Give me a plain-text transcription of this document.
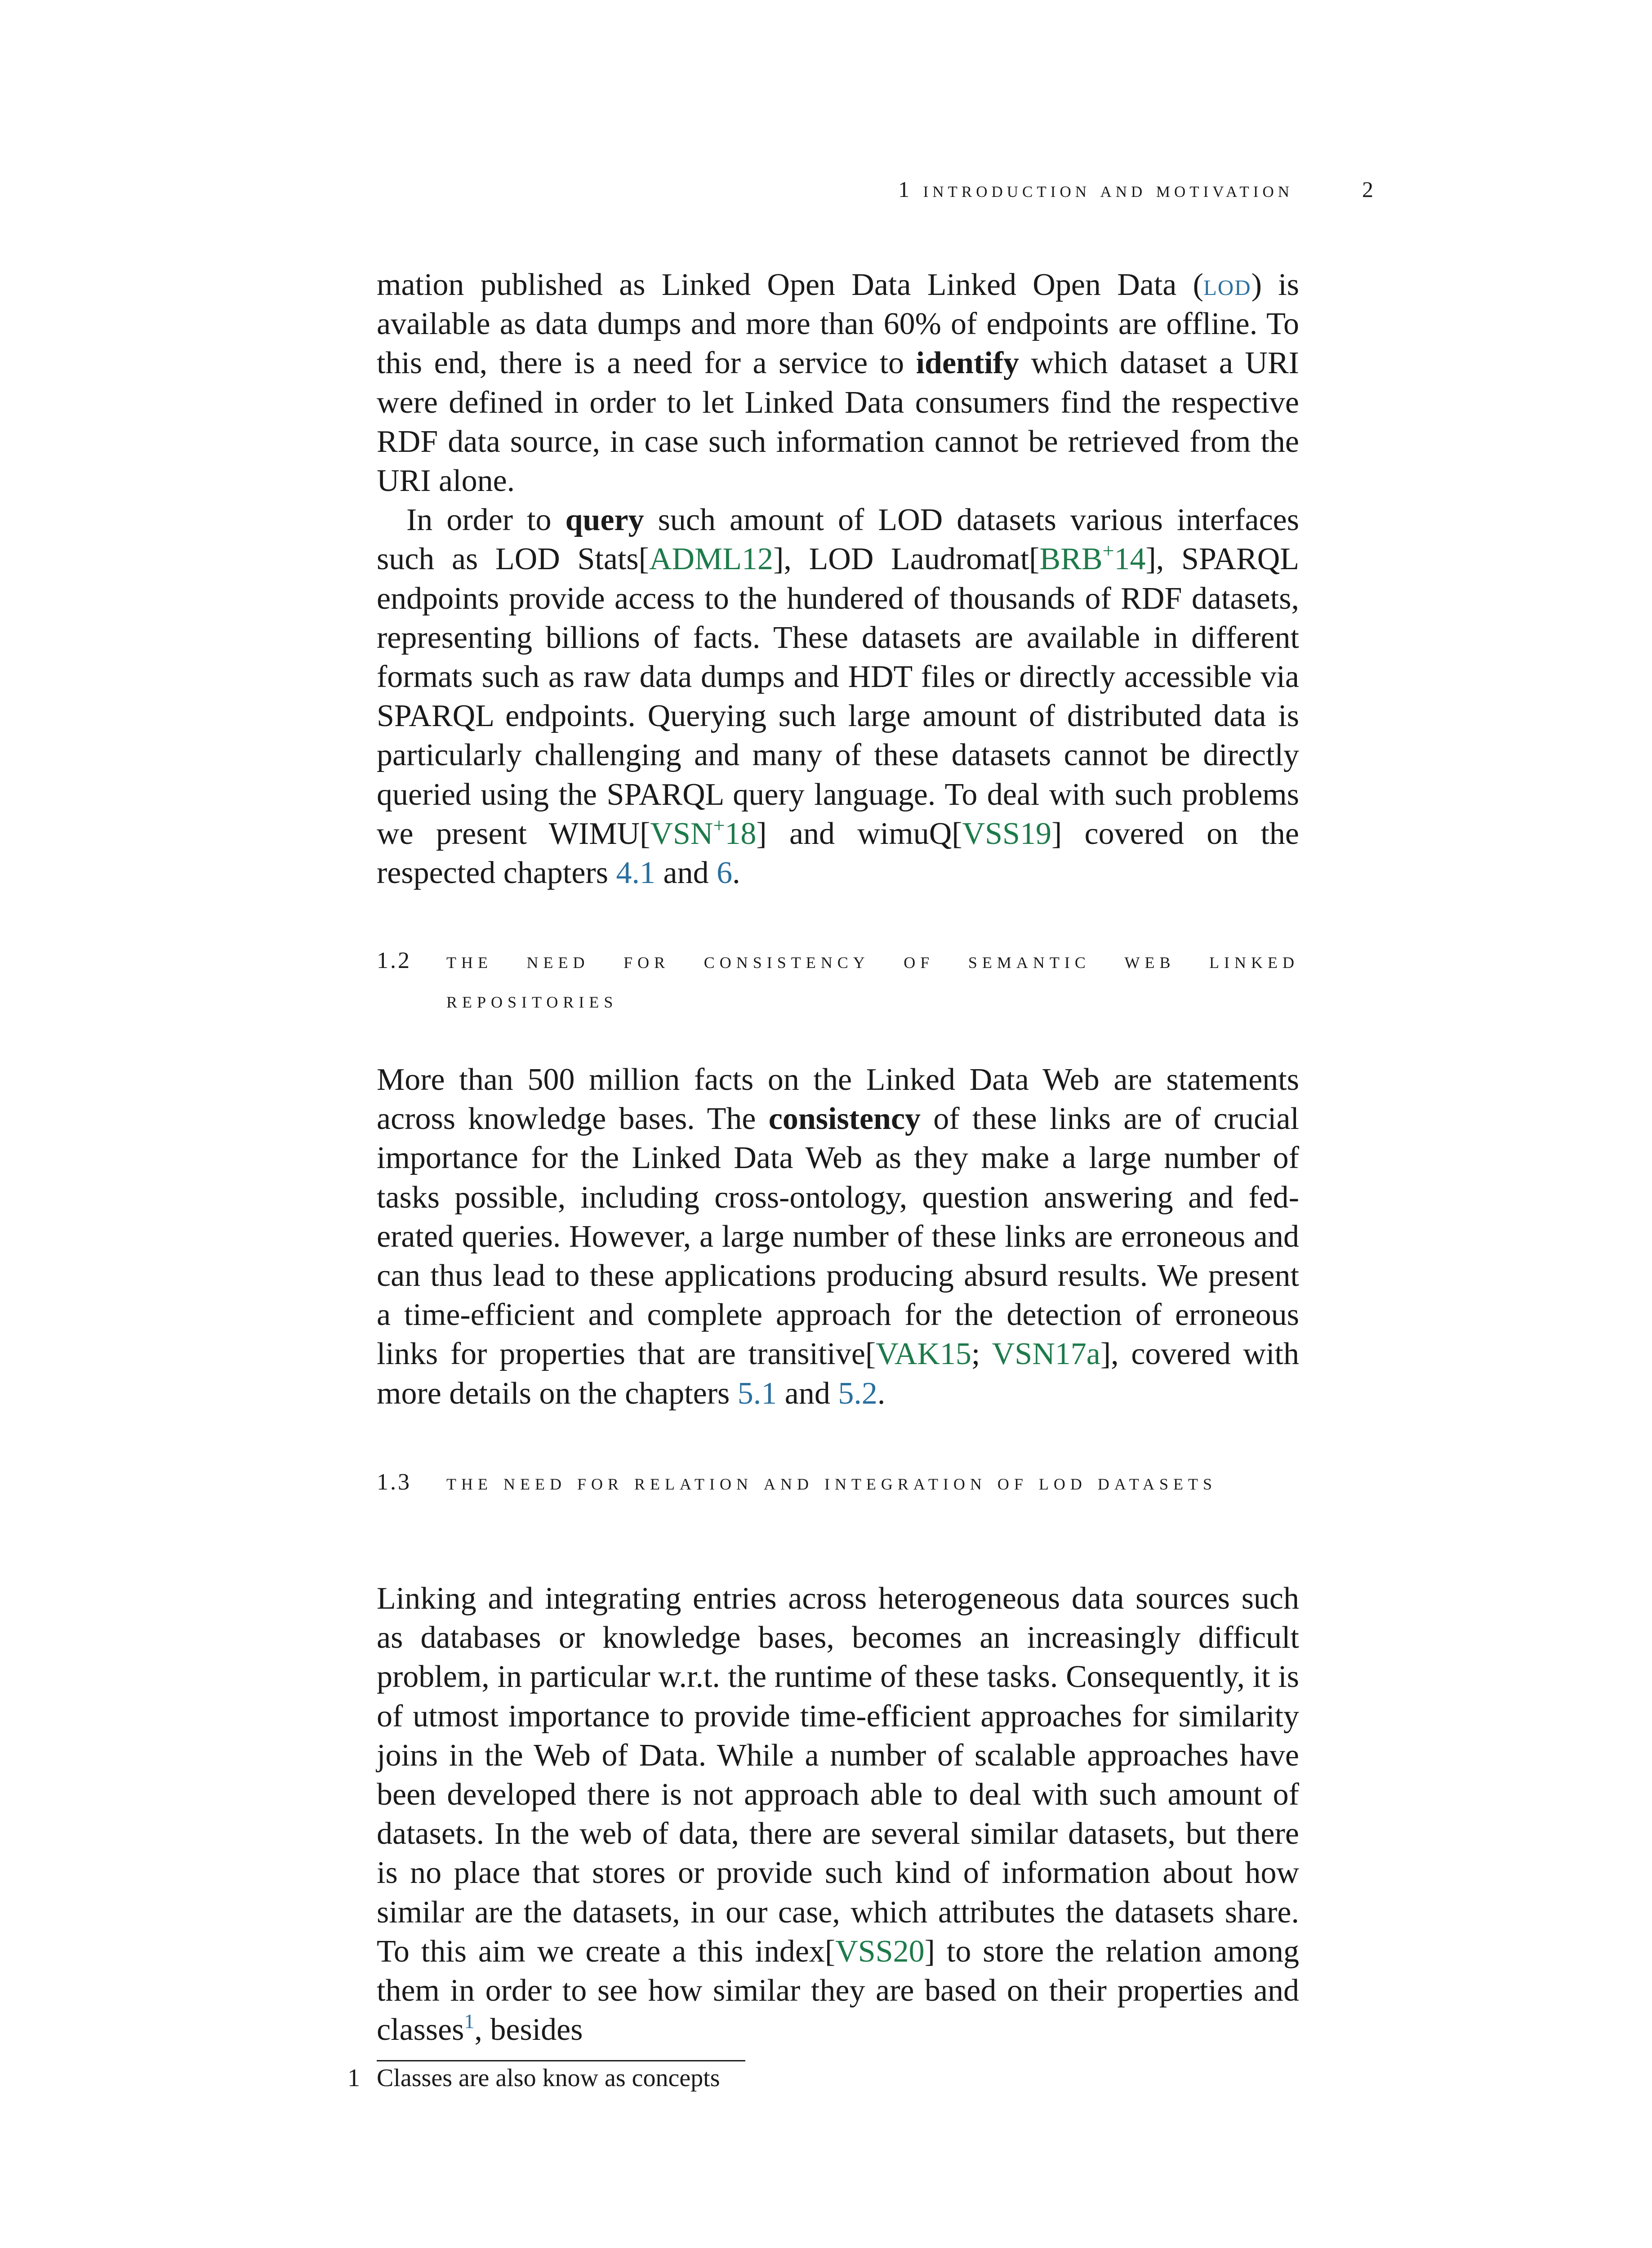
1 introduction and motivation	2

mation published as Linked Open Data Linked Open Data (lod) is available as data dumps and more than 60% of endpoints are offline. To this end, there is a need for a service to identify which dataset a URI were defined in order to let Linked Data consumers find the respective RDF data source, in case such information cannot be retrieved from the URI alone.

In order to query such amount of LOD datasets various interfaces such as LOD Stats[ADML12], LOD Laudromat[BRB+14], SPARQL endpoints provide access to the hundered of thousands of RDF datasets, representing billions of facts. These datasets are available in different formats such as raw data dumps and HDT files or directly accessible via SPARQL endpoints. Querying such large amount of distributed data is particularly challenging and many of these datasets cannot be directly queried using the SPARQL query language. To deal with such problems we present WIMU[VSN+18] and wimuQ[VSS19] covered on the respected chapters 4.1 and 6.

1.2	the need for consistency of semantic web linked repositories

More than 500 million facts on the Linked Data Web are statements across knowledge bases. The consistency of these links are of crucial importance for the Linked Data Web as they make a large number of tasks possible, including cross-ontology, question answering and federated queries. However, a large number of these links are erroneous and can thus lead to these applications producing absurd results. We present a time-efficient and complete approach for the detection of erroneous links for properties that are transitive[VAK15; VSN17a], covered with more details on the chapters 5.1 and 5.2.

1.3	the need for relation and integration of lod datasets

Linking and integrating entries across heterogeneous data sources such as databases or knowledge bases, becomes an increasingly difficult problem, in particular w.r.t. the runtime of these tasks. Consequently, it is of utmost importance to provide time-efficient approaches for similarity joins in the Web of Data. While a number of scalable approaches have been developed there is not approach able to deal with such amount of datasets. In the web of data, there are several similar datasets, but there is no place that stores or provide such kind of information about how similar are the datasets, in our case, which attributes the datasets share. To this aim we create a this index[VSS20] to store the relation among them in order to see how similar they are based on their properties and classes$^1$, besides

1 Classes are also know as concepts
